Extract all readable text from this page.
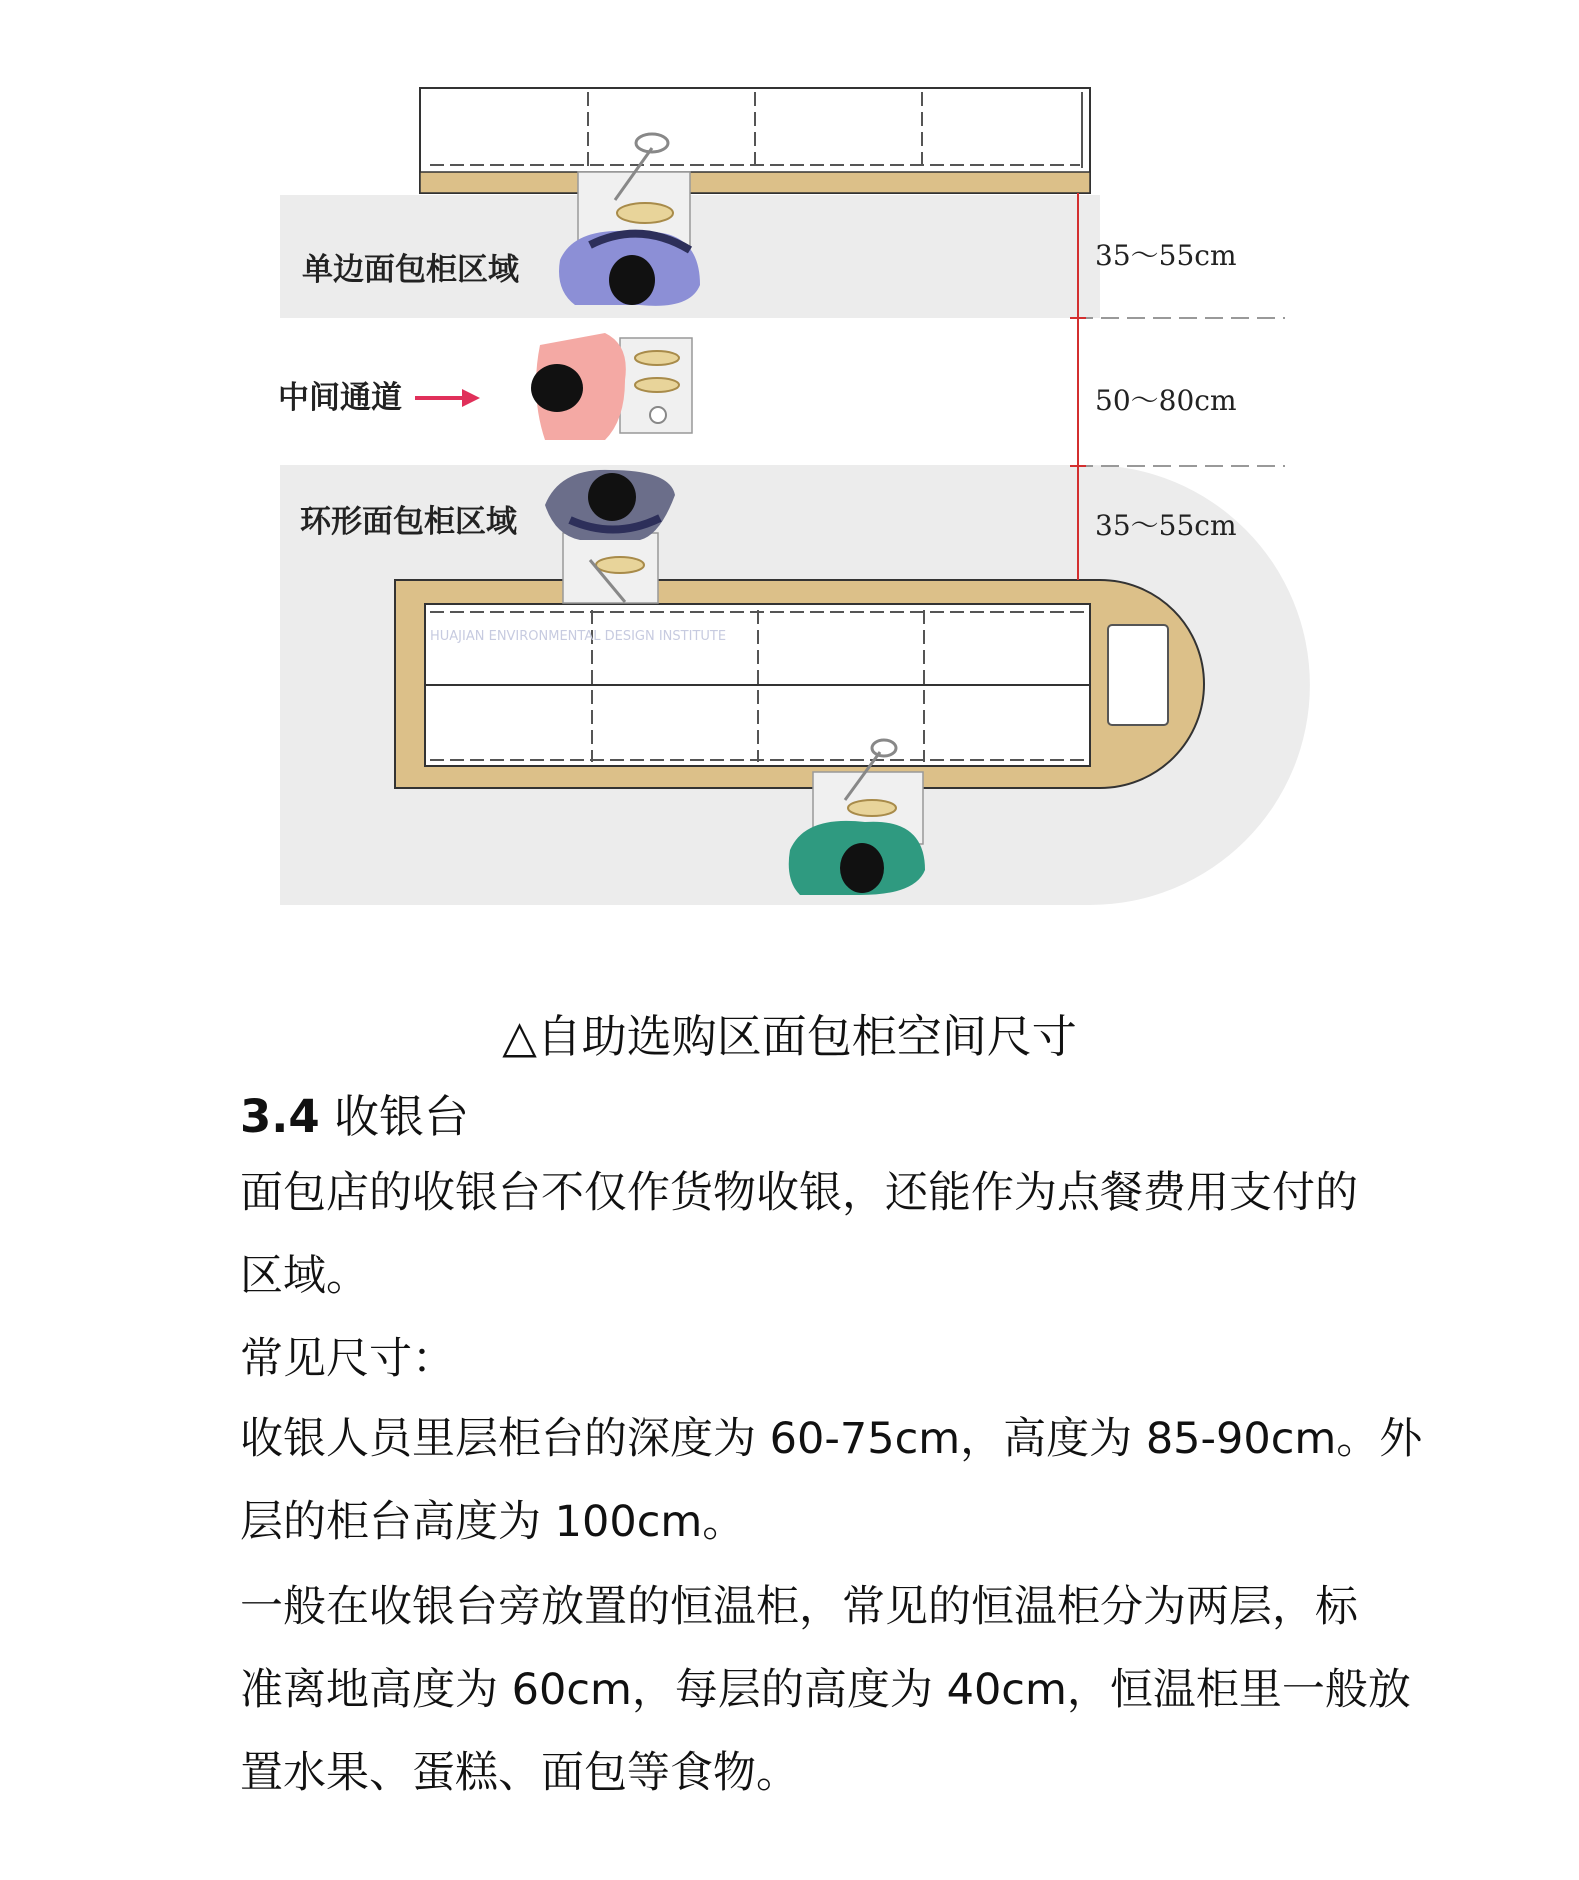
35～55cm
50～80cm
35～55cm
单边面包柜区域
中间通道
环形面包柜区域
HUAJIAN ENVIRONMENTAL DESIGN INSTITUTE
△自助选购区面包柜空间尺寸
3.4 收银台
面包店的收银台不仅作货物收银，还能作为点餐费用支付的
区域。
常见尺寸：
收银人员里层柜台的深度为 60-75cm，高度为 85-90cm。外
层的柜台高度为 100cm。
一般在收银台旁放置的恒温柜，常见的恒温柜分为两层，标
准离地高度为 60cm，每层的高度为 40cm，恒温柜里一般放
置水果、蛋糕、面包等食物。
